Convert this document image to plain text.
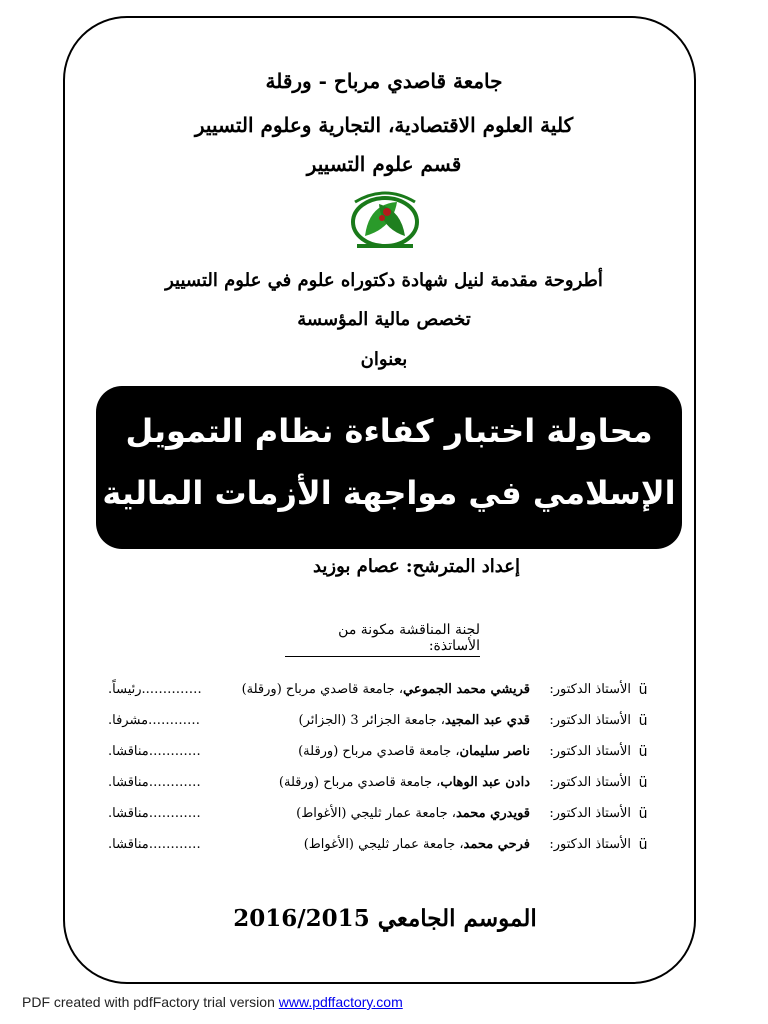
جامعة قاصدي مرباح - ورقلة
كلية العلوم الاقتصادية، التجارية وعلوم التسيير
قسم علوم التسيير
أطروحة مقدمة لنيل شهادة دكتوراه علوم في علوم التسيير
تخصص مالية المؤسسة
بعنوان
محاولة اختبار كفاءة نظام التمويل
الإسلامي في مواجهة الأزمات المالية
إعداد المترشح: عصام بوزيد
لجنة المناقشة مكونة من الأساتذة:
ü
الأستاذ الدكتور:
قريشي محمد الجموعي، جامعة قاصدي مرباح (ورقلة)
…………..رئيساً.
ü
الأستاذ الدكتور:
قدي عبد المجيد، جامعة الجزائر 3 (الجزائر)
…………مشرفا.
ü
الأستاذ الدكتور:
ناصر سليمان، جامعة قاصدي مرباح (ورقلة)
…………مناقشا.
ü
الأستاذ الدكتور:
دادن عبد الوهاب، جامعة قاصدي مرباح (ورقلة)
…………مناقشا.
ü
الأستاذ الدكتور:
قويدري محمد، جامعة عمار ثليجي (الأغواط)
…………مناقشا.
ü
الأستاذ الدكتور:
فرحي محمد، جامعة عمار ثليجي (الأغواط)
…………مناقشا.
الموسم الجامعي 2016/2015
PDF created with pdfFactory trial version www.pdffactory.com
